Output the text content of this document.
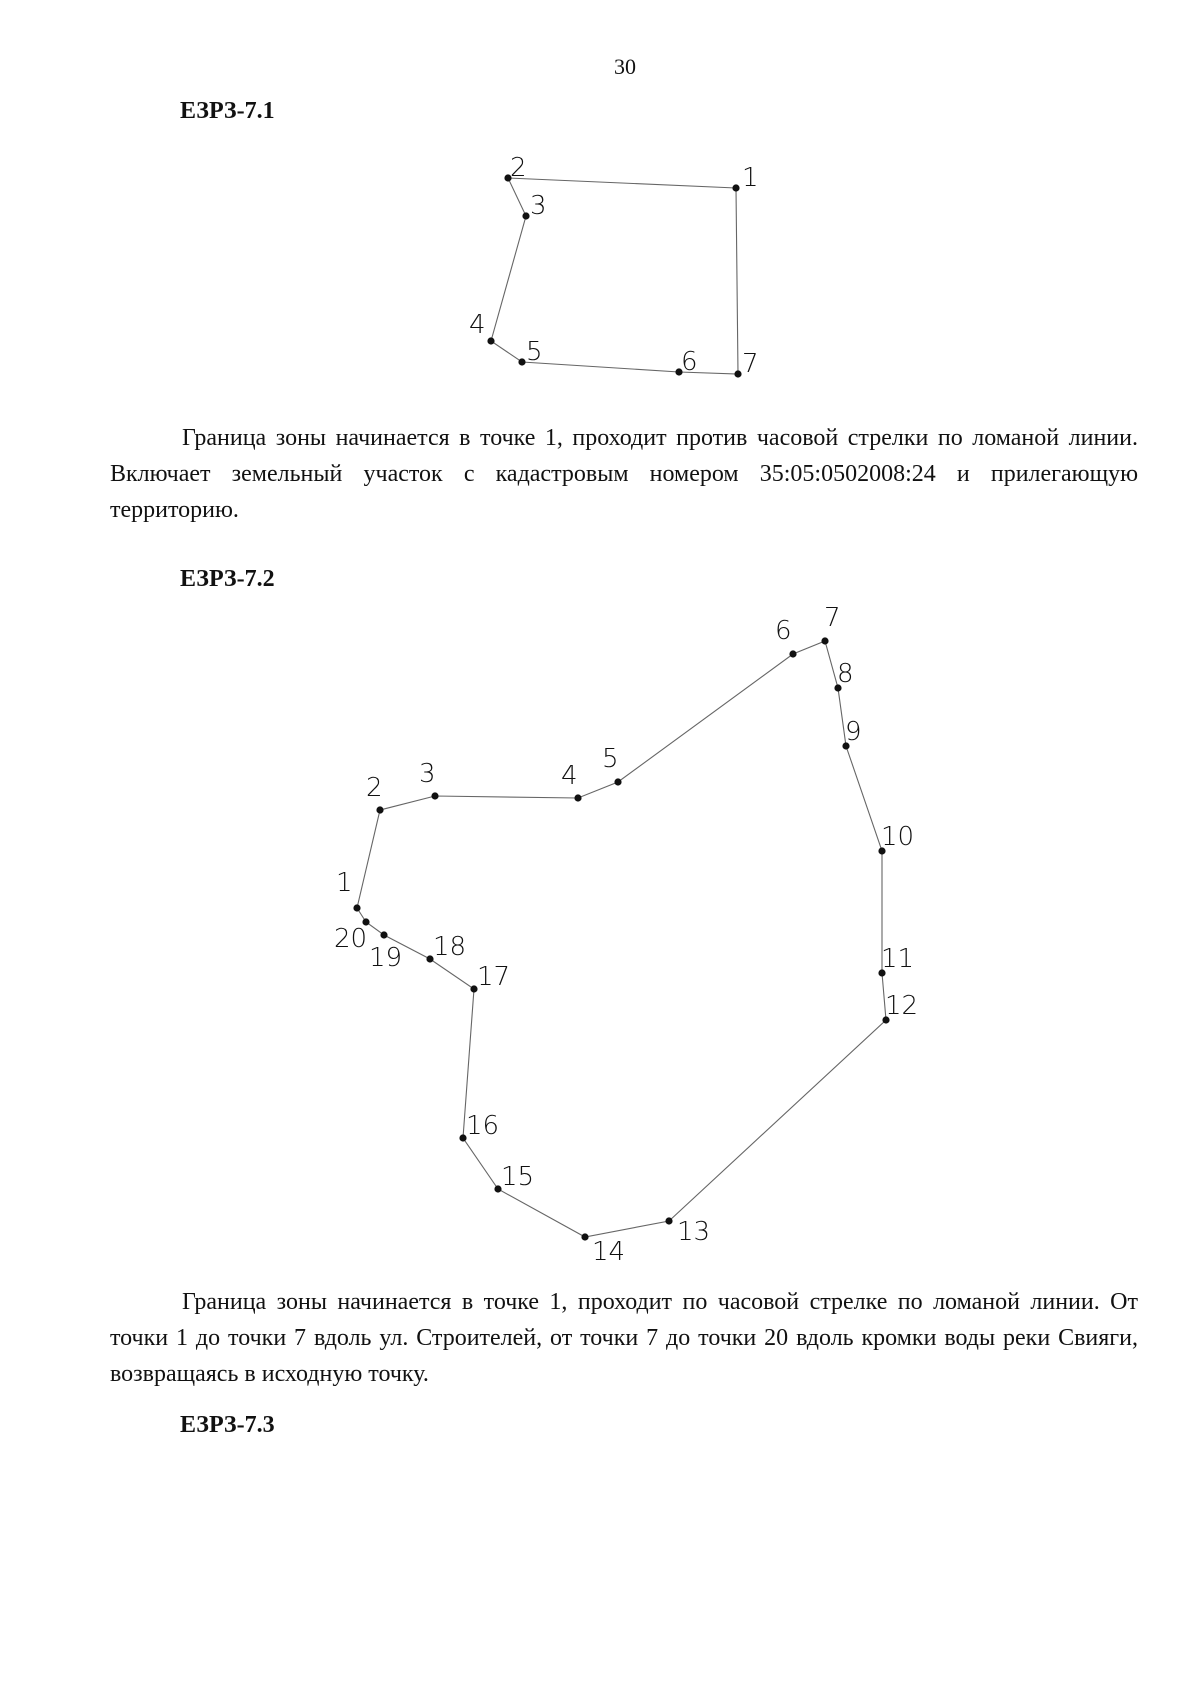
30
ЕЗРЗ-7.1
ЕЗРЗ-7.2
ЕЗРЗ-7.3
Граница зоны начинается в точке 1, проходит против часовой стрелки по ломаной линии. Включает земельный участок с кадастровым номером 35:05:0502008:24 и прилегающую территорию.
Граница зоны начинается в точке 1, проходит по часовой стрелке по ломаной линии. От точки 1 до точки 7 вдоль ул. Строителей, от точки 7 до точки 20 вдоль кромки воды реки Свияги, возвращаясь в исходную точку.
1
2
3
4
5	6 7
1
2 3	4
5
6 7
8
9
10
11
12
13
14
15
16
17
18
19
20
